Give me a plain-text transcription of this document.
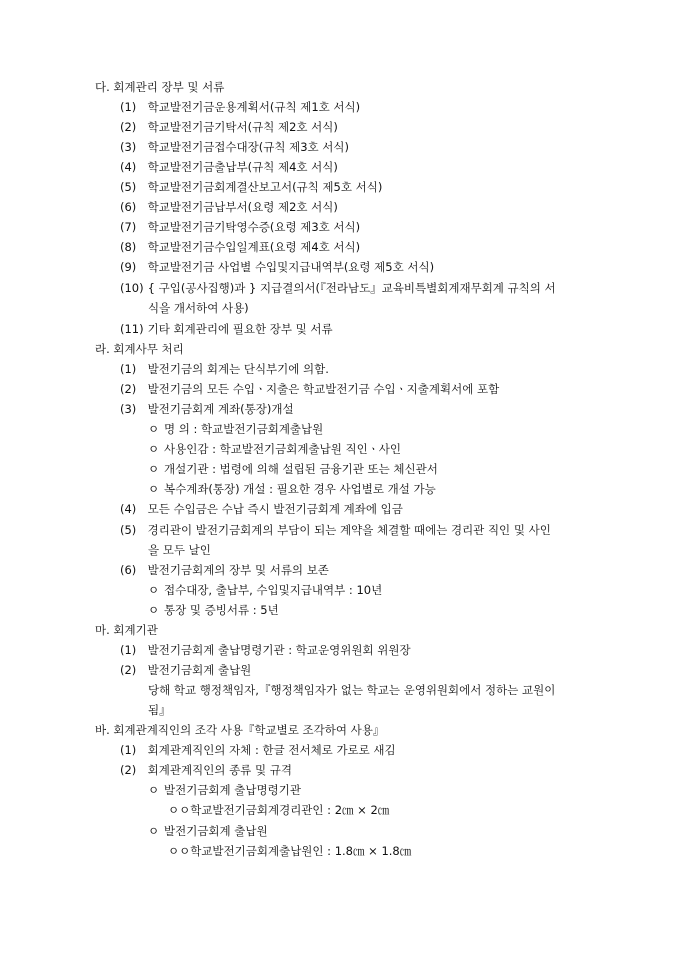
다. 회계관리 장부 및 서류
(1) 학교발전기금운용계획서(규칙 제1호 서식)
(2) 학교발전기금기탁서(규칙 제2호 서식)
(3) 학교발전기금접수대장(규칙 제3호 서식)
(4) 학교발전기금출납부(규칙 제4호 서식)
(5) 학교발전기금회계결산보고서(규칙 제5호 서식)
(6) 학교발전기금납부서(요령 제2호 서식)
(7) 학교발전기금기탁영수증(요령 제3호 서식)
(8) 학교발전기금수입일계표(요령 제4호 서식)
(9) 학교발전기금 사업별 수입및지급내역부(요령 제5호 서식)
(10) { 구입(공사집행)과 } 지급결의서(『전라남도』교육비특별회계재무회계 규칙의 서
식을 개서하여 사용)
(11) 기타 회계관리에 필요한 장부 및 서류
라. 회계사무 처리
(1) 발전기금의 회계는 단식부기에 의함.
(2) 발전기금의 모든 수입ㆍ지출은 학교발전기금 수입ㆍ지출계획서에 포함
(3) 발전기금회계 계좌(통장)개설
ㅇ 명 의 : 학교발전기금회계출납원
ㅇ 사용인감 : 학교발전기금회계출납원 직인ㆍ사인
ㅇ 개설기관 : 법령에 의해 설립된 금융기관 또는 체신관서
ㅇ 복수계좌(통장) 개설 : 필요한 경우 사업별로 개설 가능
(4) 모든 수입금은 수납 즉시 발전기금회계 계좌에 입금
(5) 경리관이 발전기금회계의 부담이 되는 계약을 체결할 때에는 경리관 직인 및 사인
을 모두 날인
(6) 발전기금회계의 장부 및 서류의 보존
ㅇ 접수대장, 출납부, 수입및지급내역부 : 10년
ㅇ 통장 및 증빙서류 : 5년
마. 회계기관
(1) 발전기금회계 출납명령기관 : 학교운영위원회 위원장
(2) 발전기금회계 출납원
당해 학교 행정책임자,『행정책임자가 없는 학교는 운영위원회에서 정하는 교원이
됨』
바. 회계관계직인의 조각 사용『학교별로 조각하여 사용』
(1) 회계관계직인의 자체 : 한글 전서체로 가로로 새김
(2) 회계관계직인의 종류 및 규격
ㅇ 발전기금회계 출납명령기관
ㅇㅇ학교발전기금회계경리관인 : 2㎝ × 2㎝
ㅇ 발전기금회계 출납원
ㅇㅇ학교발전기금회계출납원인 : 1.8㎝ × 1.8㎝
